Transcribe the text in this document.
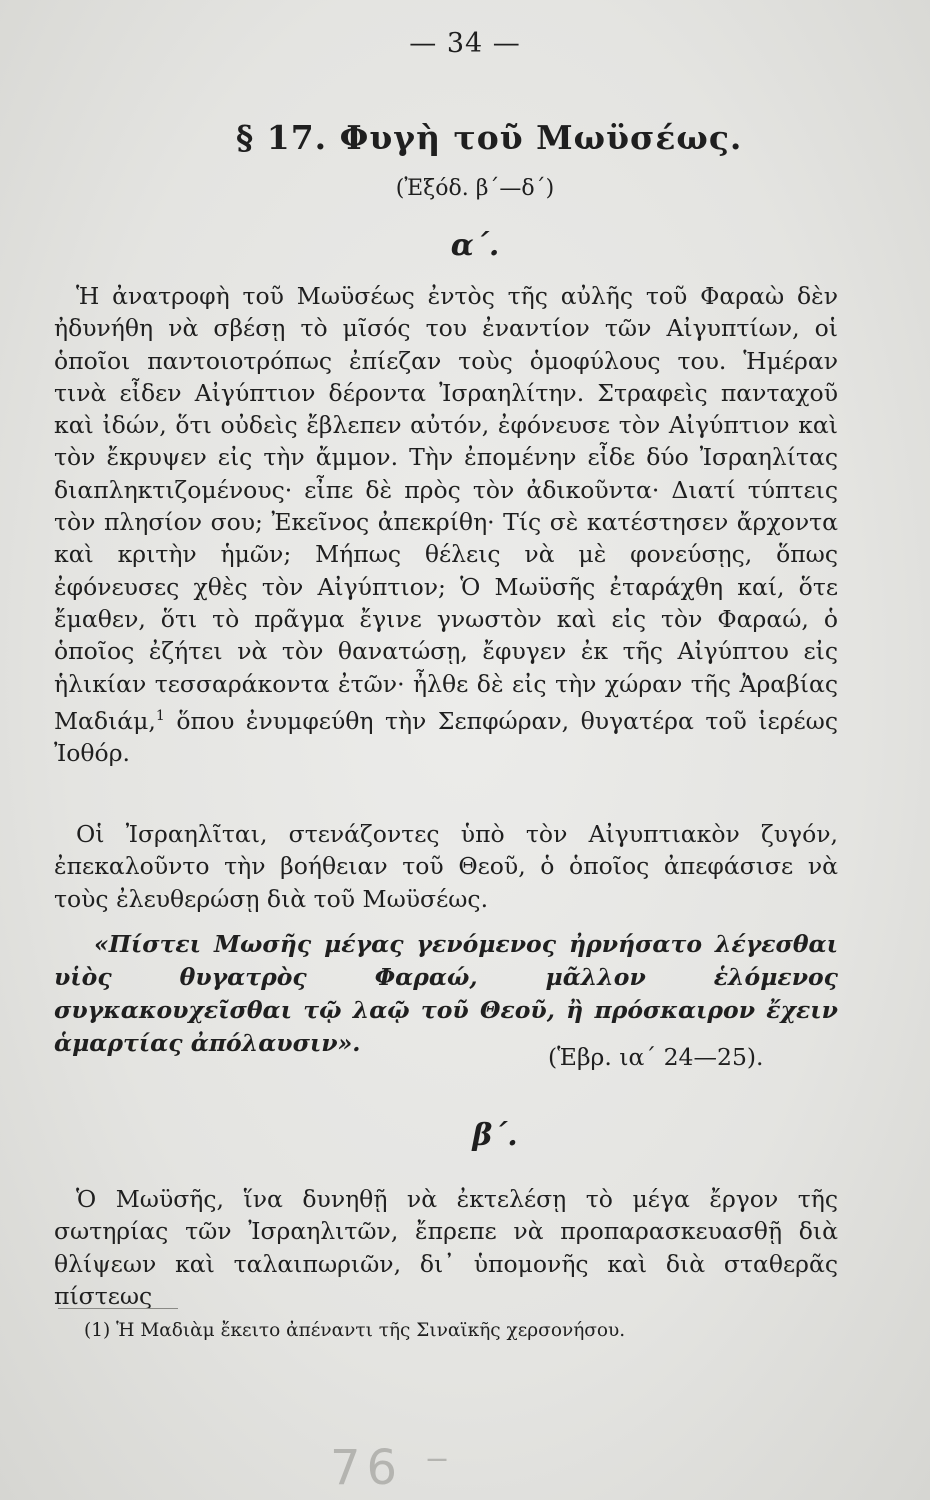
— 34 —
§ 17. Φυγὴ τοῦ Μωϋσέως.
(Ἐξόδ. β´—δ´)
α´.

Ἡ ἀνατροφὴ τοῦ Μωϋσέως ἐντὸς τῆς αὐλῆς τοῦ Φαραὼ δὲν ἠδυνήθη νὰ σβέσῃ τὸ μῖσός του ἐναντίον τῶν Αἰγυπτίων, οἱ ὁποῖοι παντοιοτρόπως ἐπίεζαν τοὺς ὁμοφύλους του. Ἡμέραν τινὰ εἶδεν Αἰγύπτιον δέροντα Ἰσραηλίτην. Στραφεὶς πανταχοῦ καὶ ἰδών, ὅτι οὐδεὶς ἔβλεπεν αὐτόν, ἐφόνευσε τὸν Αἰγύπτιον καὶ τὸν ἔκρυψεν εἰς τὴν ἄμμον. Τὴν ἐπομένην εἶδε δύο Ἰσραηλίτας διαπληκτιζομένους· εἶπε δὲ πρὸς τὸν ἀδικοῦντα· Διατί τύπτεις τὸν πλησίον σου; Ἐκεῖνος ἀπεκρίθη· Τίς σὲ κατέστησεν ἄρχοντα καὶ κριτὴν ἡμῶν; Μήπως θέλεις νὰ μὲ φονεύσῃς, ὅπως ἐφόνευσες χθὲς τὸν Αἰγύπτιον; Ὁ Μωϋσῆς ἐταράχθη καί, ὅτε ἔμαθεν, ὅτι τὸ πρᾶγμα ἔγινε γνωστὸν καὶ εἰς τὸν Φαραώ, ὁ ὁποῖος ἐζήτει νὰ τὸν θανατώσῃ, ἔφυγεν ἐκ τῆς Αἰγύπτου εἰς ἡλικίαν τεσσαράκοντα ἐτῶν· ἦλθε δὲ εἰς τὴν χώραν τῆς Ἀραβίας Μαδιάμ,$^1$ ὅπου ἐνυμφεύθη τὴν Σεπφώραν, θυγατέρα τοῦ ἱερέως Ἰοθόρ.

Οἱ Ἰσραηλῖται, στενάζοντες ὑπὸ τὸν Αἰγυπτιακὸν ζυγόν, ἐπεκαλοῦντο τὴν βοήθειαν τοῦ Θεοῦ, ὁ ὁποῖος ἀπεφάσισε νὰ τοὺς ἐλευθερώσῃ διὰ τοῦ Μωϋσέως.

«Πίστει Μωσῆς μέγας γενόμενος ἠρνήσατο λέγεσθαι υἱὸς θυγατρὸς Φαραώ, μᾶλλον ἑλόμενος συγκακουχεῖσθαι τῷ λαῷ τοῦ Θεοῦ, ἢ πρόσκαιρον ἔχειν ἁμαρτίας ἀπόλαυσιν».	(Ἑβρ. ια´ 24—25).
β´.

Ὁ Μωϋσῆς, ἵνα δυνηθῇ νὰ ἐκτελέσῃ τὸ μέγα ἔργον τῆς σωτηρίας τῶν Ἰσραηλιτῶν, ἔπρεπε νὰ προπαρασκευασθῇ διὰ θλίψεων καὶ ταλαιπωριῶν, δι᾽ ὑπομονῆς καὶ διὰ σταθερᾶς πίστεως

(1) Ἡ Μαδιὰμ ἔκειτο ἀπέναντι τῆς Σιναϊκῆς χερσονήσου.
76 ⁻
